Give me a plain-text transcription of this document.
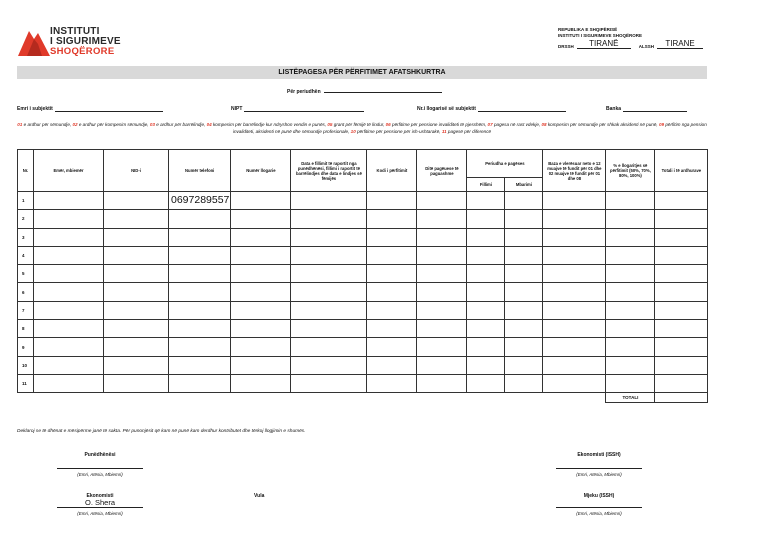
INSTITUTI
I SIGURIMEVE
SHOQËRORE
REPUBLIKA E SHQIPËRISË
INSTITUTI I SIGURIMEVE SHOQËRORE
DRSSH	TIRANË	ALSSH	TIRANE
LISTËPAGESA PËR PËRFITIMET AFATSHKURTRA
Për periudhën
Emri i subjektit	NIPT	Nr.i llogarisë së subjektit	Banka
01 e ardhur për sëmundje, 02 e ardhur për kompesim sëmundje, 03 e ardhur për barrëlindje, 04 kompesim për barrëlindje kur ndryshon vendin e punës, 05 grant për fëmijë të lindur, 06 përfitime për pensione invaliditeti të pjesshëm, 07 pagesa në rast vdekje, 08 kompesim për sëmundje për shkak aksidenti në punë, 09 përfitim nga pension invaliditeti, aksidenti në punë dhe sëmundje profesionale, 10 përfitime për pensione për ish-ushtarakë, 11 pagesë për diferencë
Nr.	Emër, mbiemër	NID-i	Numër telefoni	Numër llogarie	Data e fillimit të raportit nga punëdhënësi, fillimi i raportit të barrëlindjes dhe data e lindjes së fëmijës	Kodi i përfitimit	Ditë pagëuese të paguashme	Periudha e pagëses		Baza e vlerësuar neto e 12 muajve të fundit për 01 dhe 02 muajve të fundit për 01 dhe 08	% e llogaritjes së përfitimit (50%, 70%, 80%, 100%)	Totali i të ardhurave
								Fillimi	Mbarimi			
1			0697289557									
2												
3												
4												
5												
6												
7												
8												
9												
10												
11												
											TOTALI	
Deklaroj se të dhënat e mësipërme janë të sakta. Për punonjësit që kam në punë kam derdhur kontributet dhe tërkoj llogjimin e shumës.
Punëdhënësi
(Emri, Atësia, Mbiemri)
Ekonomisti (ISSH)
(Emri, Atësia, Mbiemri)
Ekonomisti
O. Shera
(Emri, Atësia, Mbiemri)
Vula	Mjeku (ISSH)
(Emri, Atësia, Mbiemri)
